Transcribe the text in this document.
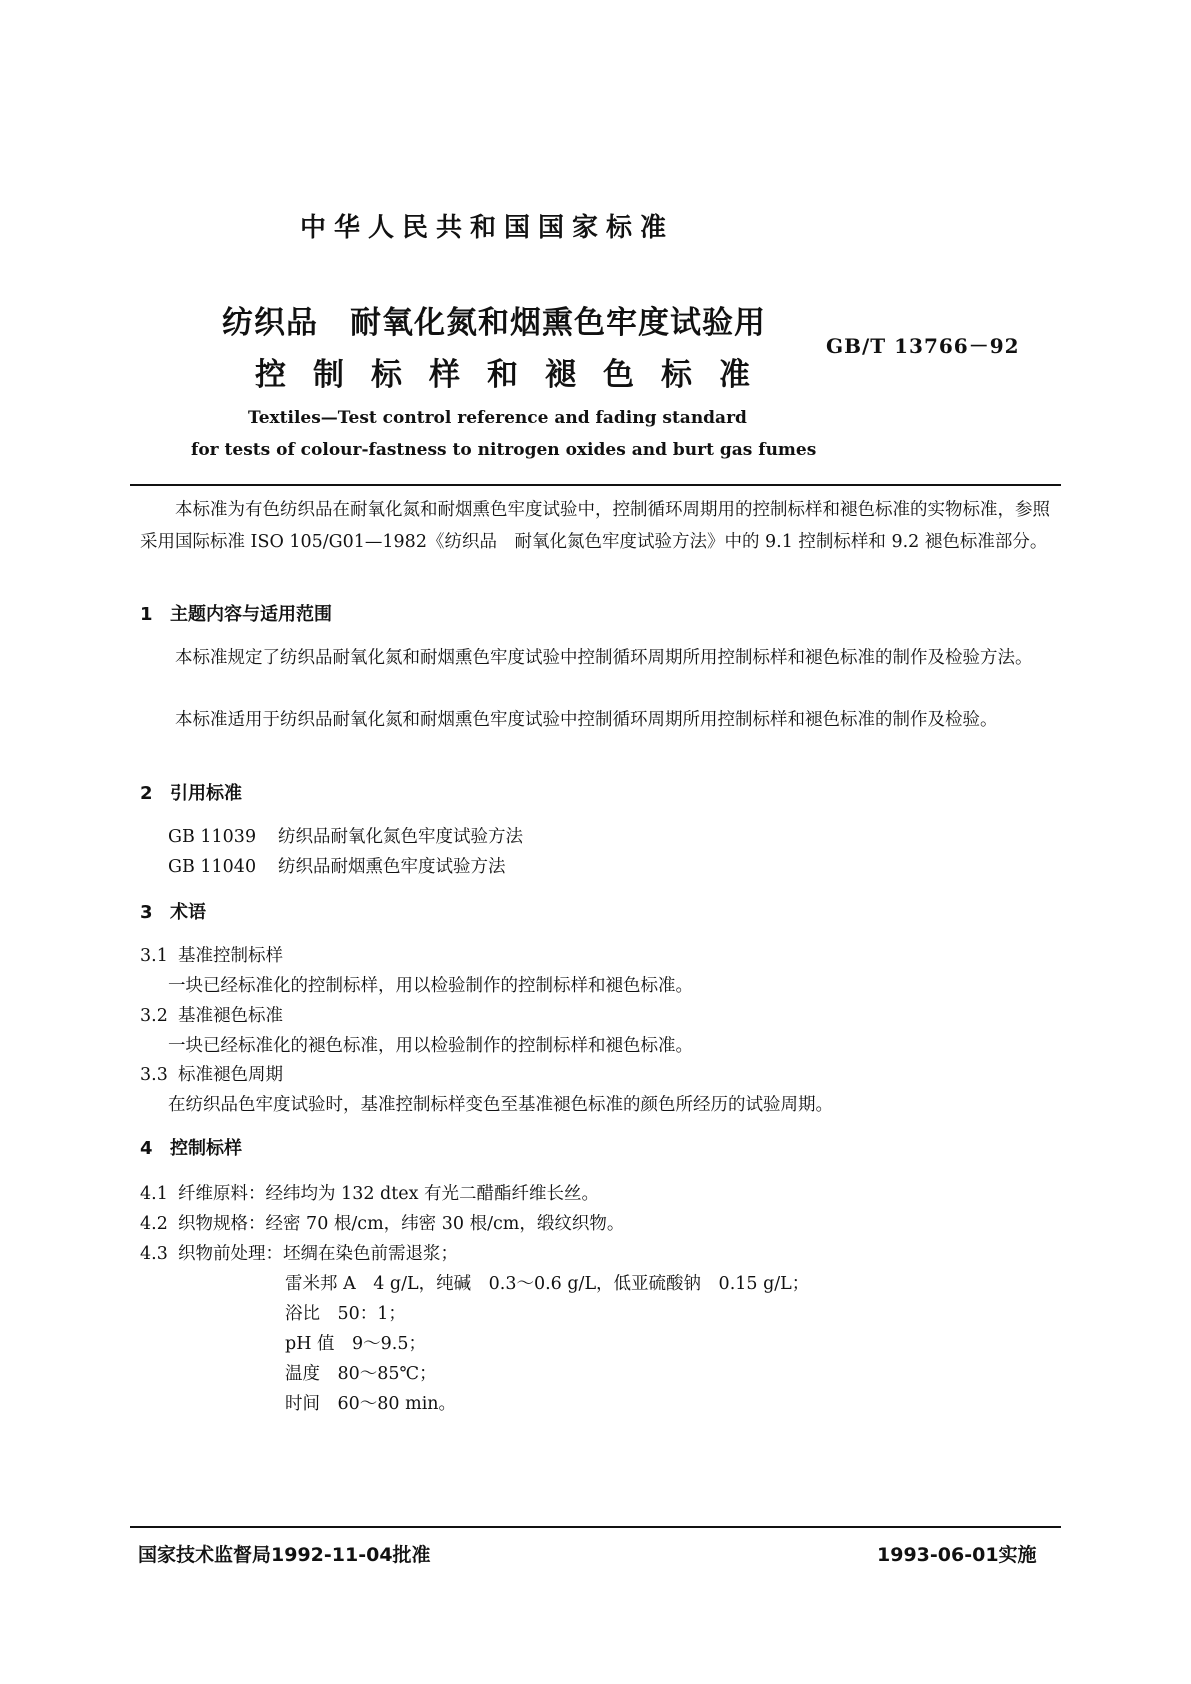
中华人民共和国国家标准
纺织品　耐氧化氮和烟熏色牢度试验用
控制标样和褪色标准
GB/T 13766－92
Textiles—Test control reference and fading standard
for tests of colour-fastness to nitrogen oxides and burt gas fumes
本标准为有色纺织品在耐氧化氮和耐烟熏色牢度试验中，控制循环周期用的控制标样和褪色标准的实物标准，参照采用国际标准 ISO 105/G01—1982《纺织品　耐氧化氮色牢度试验方法》中的 9.1 控制标样和 9.2 褪色标准部分。
1 主题内容与适用范围
本标准规定了纺织品耐氧化氮和耐烟熏色牢度试验中控制循环周期所用控制标样和褪色标准的制作及检验方法。
本标准适用于纺织品耐氧化氮和耐烟熏色牢度试验中控制循环周期所用控制标样和褪色标准的制作及检验。
2 引用标准
GB 11039 纺织品耐氧化氮色牢度试验方法
GB 11040 纺织品耐烟熏色牢度试验方法
3 术语
3.1 基准控制标样
一块已经标准化的控制标样，用以检验制作的控制标样和褪色标准。
3.2 基准褪色标准
一块已经标准化的褪色标准，用以检验制作的控制标样和褪色标准。
3.3 标准褪色周期
在纺织品色牢度试验时，基准控制标样变色至基准褪色标准的颜色所经历的试验周期。
4 控制标样
4.1 纤维原料：经纬均为 132 dtex 有光二醋酯纤维长丝。
4.2 织物规格：经密 70 根/cm，纬密 30 根/cm，缎纹织物。
4.3 织物前处理：坯绸在染色前需退浆；
雷米邦 A　4 g/L，纯碱　0.3～0.6 g/L，低亚硫酸钠　0.15 g/L；
浴比　50：1；
pH 值　9～9.5；
温度　80～85℃；
时间　60～80 min。
国家技术监督局1992-11-04批准	1993-06-01实施
